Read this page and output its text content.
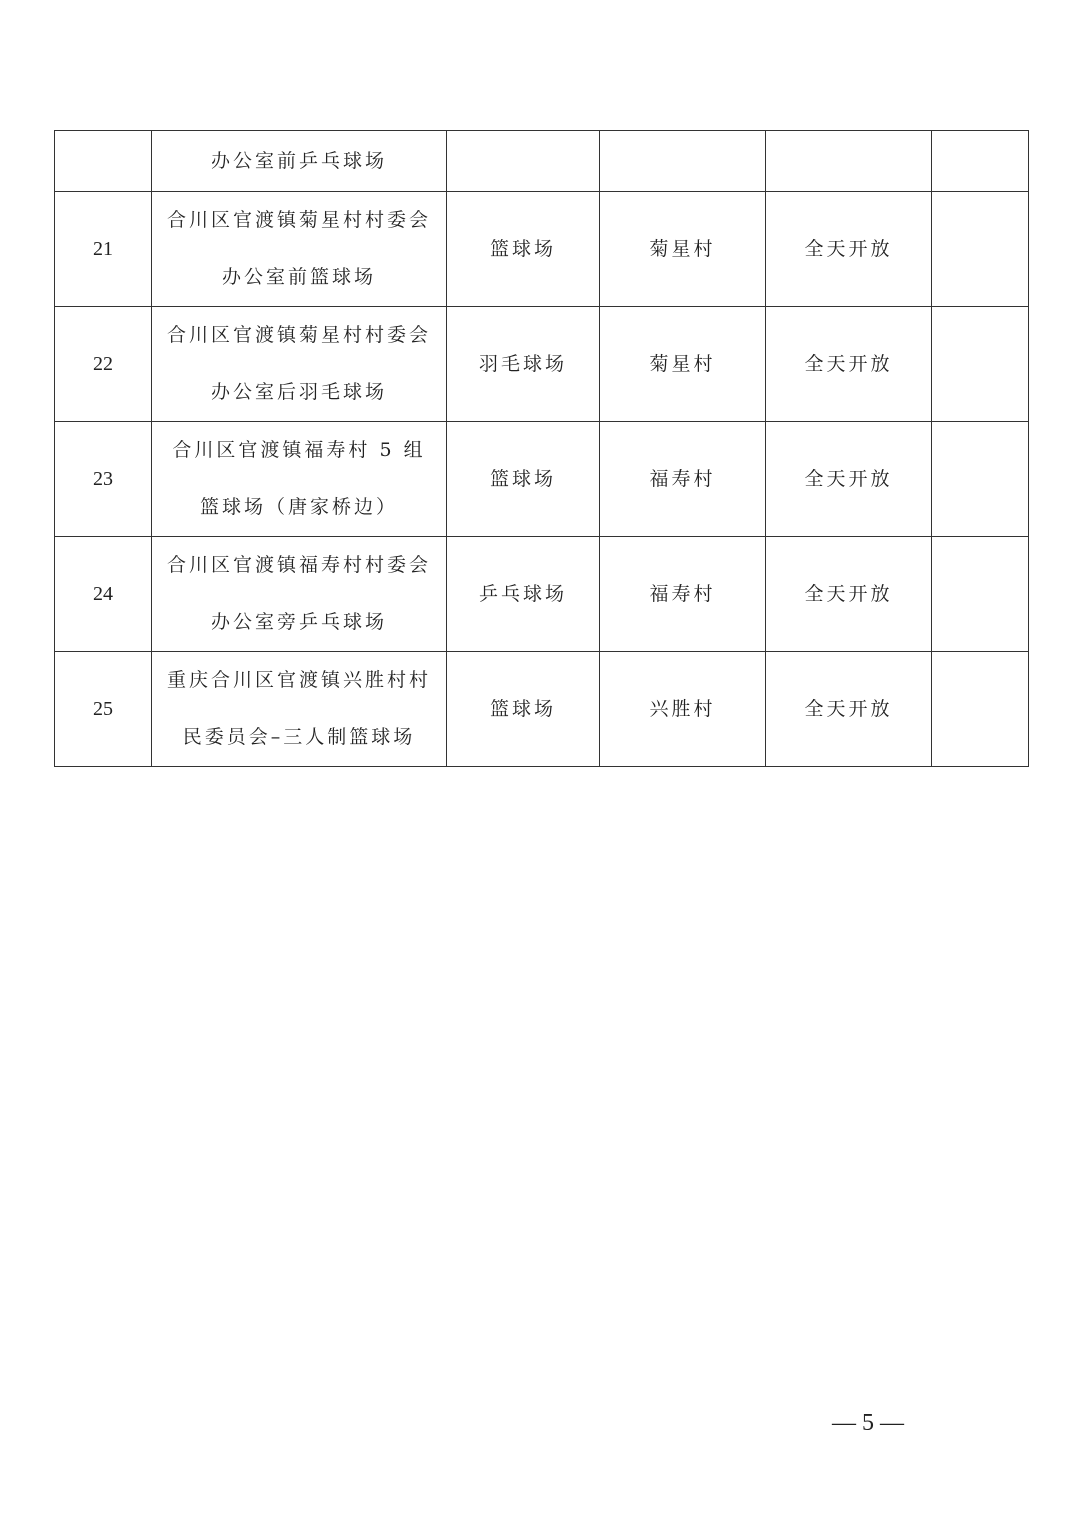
	办公室前乒乓球场				
21	合川区官渡镇菊星村村委会办公室前篮球场	篮球场	菊星村	全天开放	
22	合川区官渡镇菊星村村委会办公室后羽毛球场	羽毛球场	菊星村	全天开放	
23	合川区官渡镇福寿村 5 组篮球场（唐家桥边）	篮球场	福寿村	全天开放	
24	合川区官渡镇福寿村村委会办公室旁乒乓球场	乒乓球场	福寿村	全天开放	
25	重庆合川区官渡镇兴胜村村民委员会–三人制篮球场	篮球场	兴胜村	全天开放	
— 5 —
